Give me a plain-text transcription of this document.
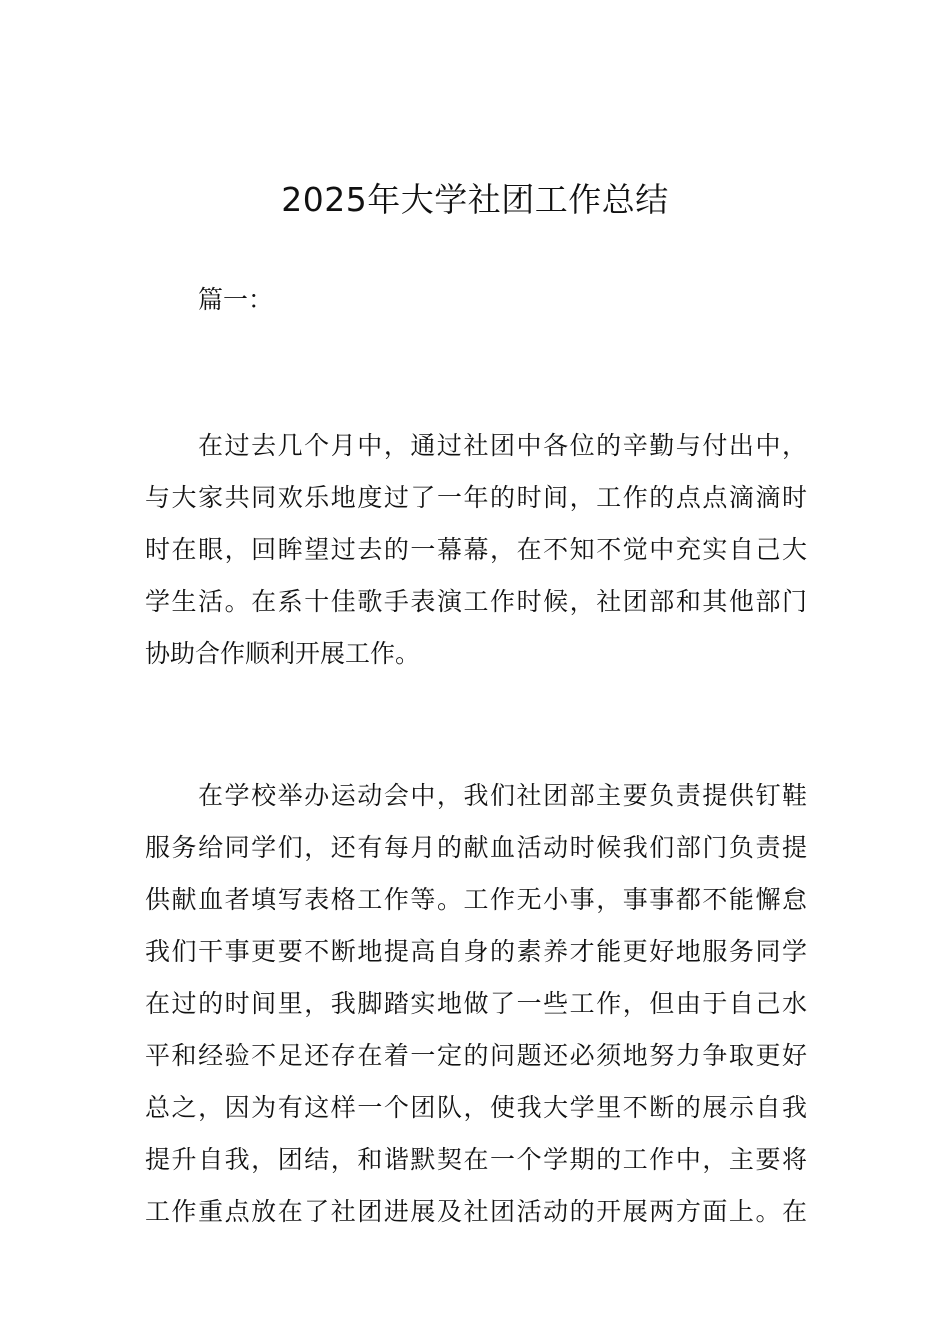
2025年大学社团工作总结
篇一：
在过去几个月中，通过社团中各位的辛勤与付出中，
与大家共同欢乐地度过了一年的时间，工作的点点滴滴时
时在眼，回眸望过去的一幕幕，在不知不觉中充实自己大
学生活。在系十佳歌手表演工作时候，社团部和其他部门
协助合作顺利开展工作。
在学校举办运动会中，我们社团部主要负责提供钉鞋
服务给同学们，还有每月的献血活动时候我们部门负责提
供献血者填写表格工作等。工作无小事，事事都不能懈怠
我们干事更要不断地提高自身的素养才能更好地服务同学
在过的时间里，我脚踏实地做了一些工作，但由于自己水
平和经验不足还存在着一定的问题还必须地努力争取更好
总之，因为有这样一个团队，使我大学里不断的展示自我
提升自我，团结，和谐默契在一个学期的工作中，主要将
工作重点放在了社团进展及社团活动的开展两方面上。在
